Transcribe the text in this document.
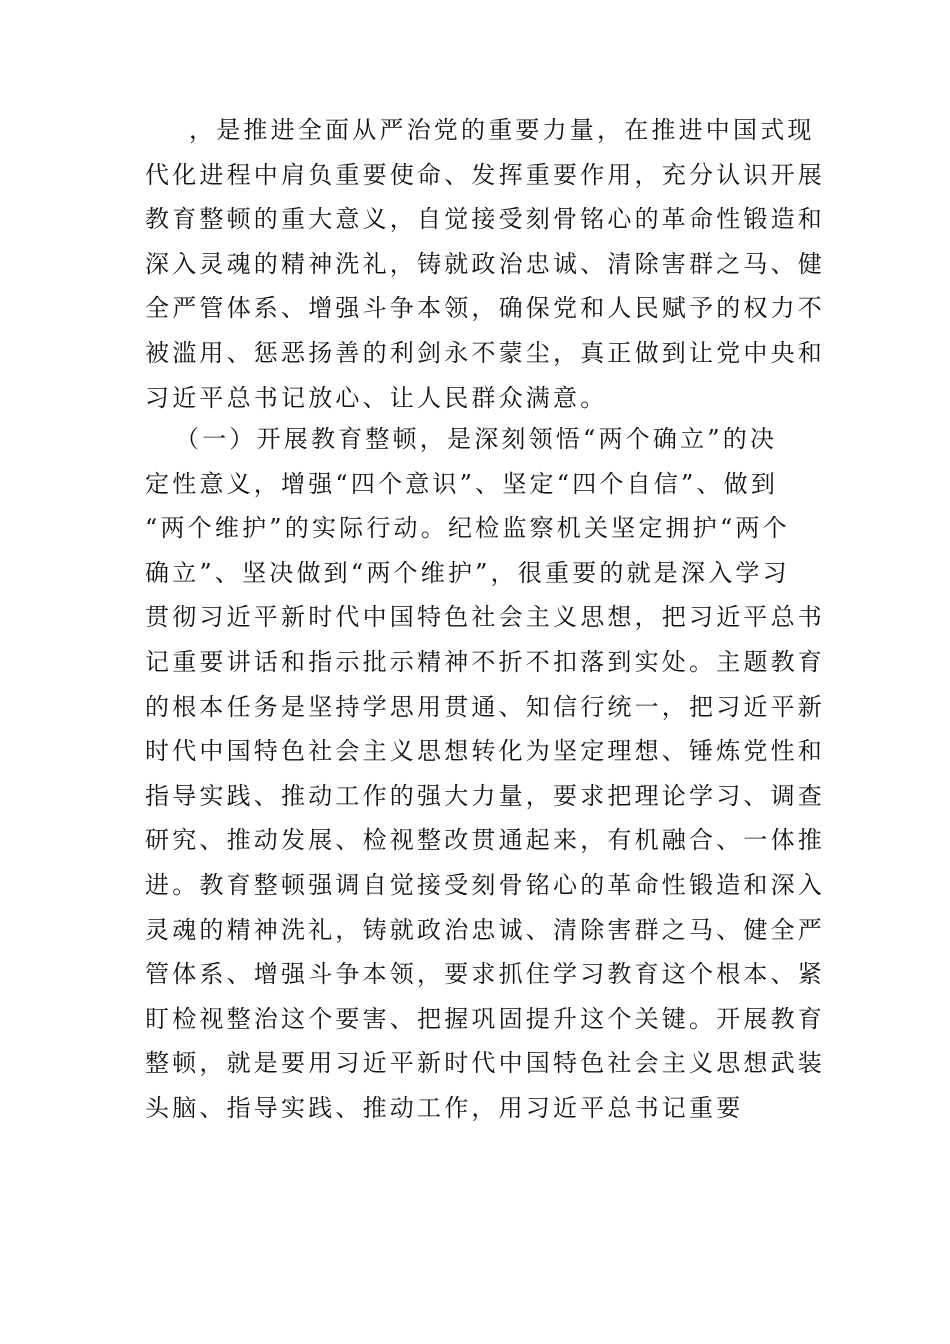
，是推进全面从严治党的重要力量，在推进中国式现
代化进程中肩负重要使命、发挥重要作用，充分认识开展
教育整顿的重大意义，自觉接受刻骨铭心的革命性锻造和
深入灵魂的精神洗礼，铸就政治忠诚、清除害群之马、健
全严管体系、增强斗争本领，确保党和人民赋予的权力不
被滥用、惩恶扬善的利剑永不蒙尘，真正做到让党中央和
习近平总书记放心、让人民群众满意。
（一）开展教育整顿，是深刻领悟“两个确立”的决
定性意义，增强“四个意识”、坚定“四个自信”、做到
“两个维护”的实际行动。纪检监察机关坚定拥护“两个
确立”、坚决做到“两个维护”，很重要的就是深入学习
贯彻习近平新时代中国特色社会主义思想，把习近平总书
记重要讲话和指示批示精神不折不扣落到实处。主题教育
的根本任务是坚持学思用贯通、知信行统一，把习近平新
时代中国特色社会主义思想转化为坚定理想、锤炼党性和
指导实践、推动工作的强大力量，要求把理论学习、调查
研究、推动发展、检视整改贯通起来，有机融合、一体推
进。教育整顿强调自觉接受刻骨铭心的革命性锻造和深入
灵魂的精神洗礼，铸就政治忠诚、清除害群之马、健全严
管体系、增强斗争本领，要求抓住学习教育这个根本、紧
盯检视整治这个要害、把握巩固提升这个关键。开展教育
整顿，就是要用习近平新时代中国特色社会主义思想武装
头脑、指导实践、推动工作，用习近平总书记重要
